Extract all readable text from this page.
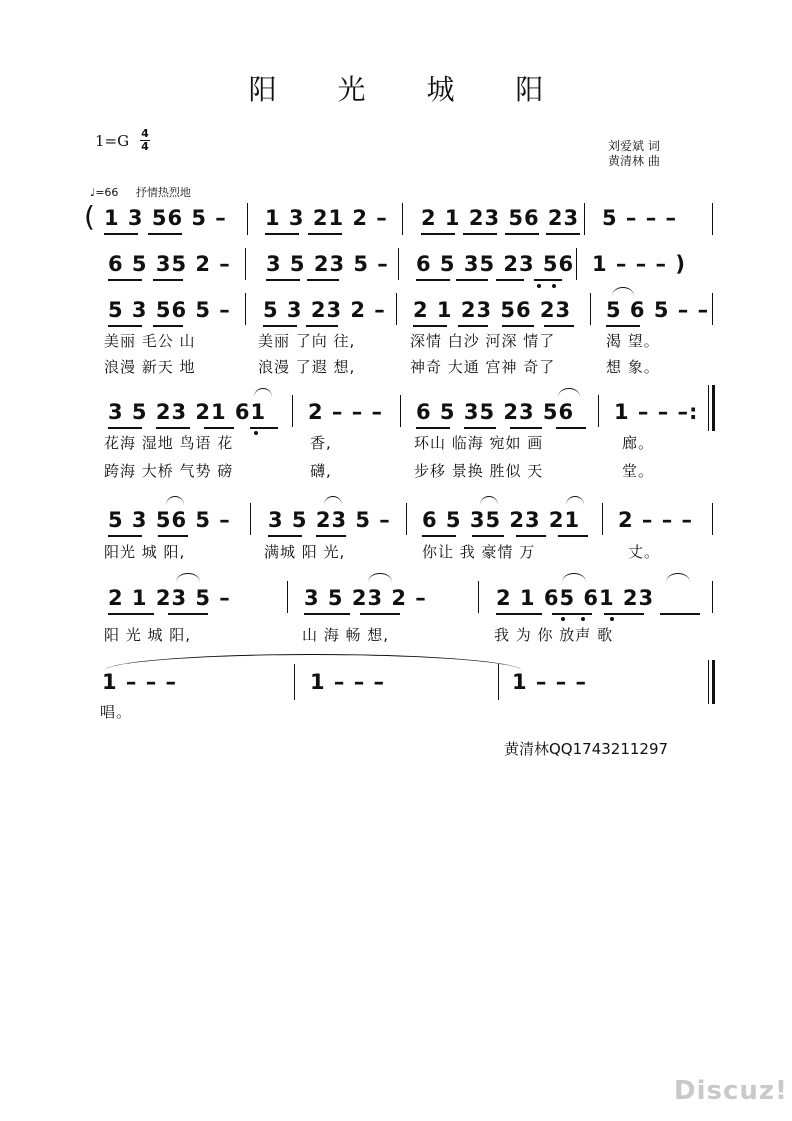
阳 光 城 阳
1=G 4
4	刘爱斌 词
黄清林 曲
♩=66 抒情热烈地
( 1 3 56 5 – 1 3 21 2 – 2 1 23 56 23 5 – – –
6 5 35 2 – 3 5 23 5 – 6 5 35 23 56 1 – – – )
5 3 56 5 – 5 3 23 2 – 2 1 23 56 23 5 6 5 – –
美丽 毛公 山	美丽 了向 往,	深情 白沙 河深 情了	渴 望。
浪漫 新天 地	浪漫 了遐 想,	神奇 大通 宫神 奇了	想 象。
3 5 23 21 61 2 – – – 6 5 35 23 56 1 – – –:
花海 湿地 鸟语 花	香,	环山 临海 宛如 画	廊。
跨海 大桥 气势 磅	礴,	步移 景换 胜似 天	堂。
5 3 56 5 – 3 5 23 5 – 6 5 35 23 21 2 – – –
阳光 城 阳,	满城 阳 光,	你让 我 豪情 万	丈。
2 1 23 5 –	3 5 23 2 –	2 1 65 61 23
阳 光 城 阳,	山 海 畅 想,	我 为 你 放声 歌
1 – – –	1 – – –	1 – – –
唱。
黄清林QQ1743211297
Discuz!
